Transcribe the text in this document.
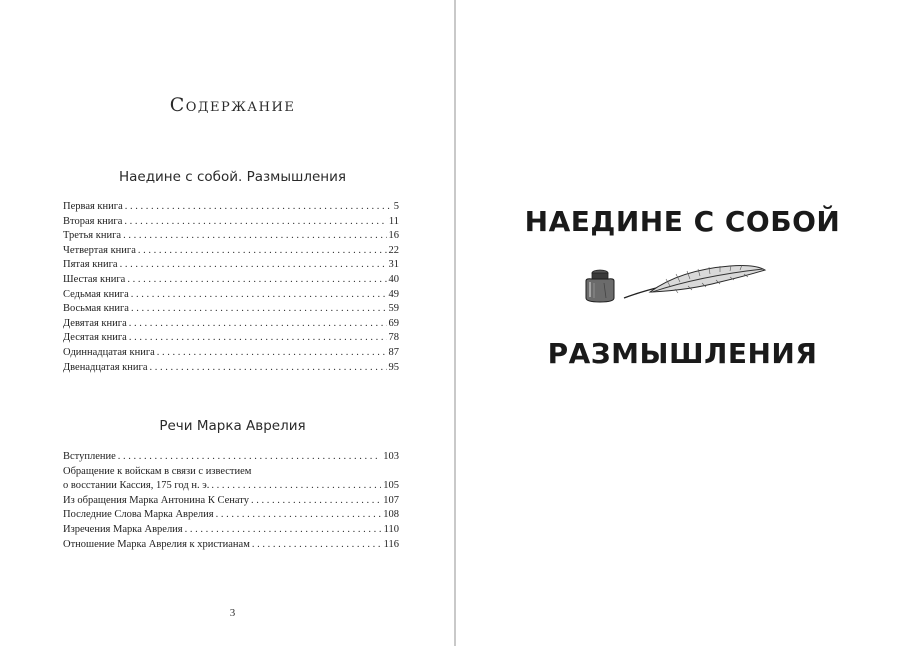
Содержание
Наедине с собой. Размышления
Первая книга . . .	5
Вторая книга . . .	11
Третья книга . . .	16
Четвертая книга . . .	22
Пятая книга . . .	31
Шестая книга . . .	40
Седьмая книга . . .	49
Восьмая книга . . .	59
Девятая книга . . .	69
Десятая книга . . .	78
Одиннадцатая книга . . .	87
Двенадцатая книга . . .	95
Речи Марка Аврелия
Вступление . . .	103
Обращение к войскам в связи с известием
о восстании Кассия, 175 год н. э. . . .	105
Из обращения Марка Антонина К Сенату . . .	107
Последние Слова Марка Аврелия . . .	108
Изречения Марка Аврелия . . .	110
Отношение Марка Аврелия к христианам . . .	116
3
НАЕДИНЕ С СОБОЙ
РАЗМЫШЛЕНИЯ
